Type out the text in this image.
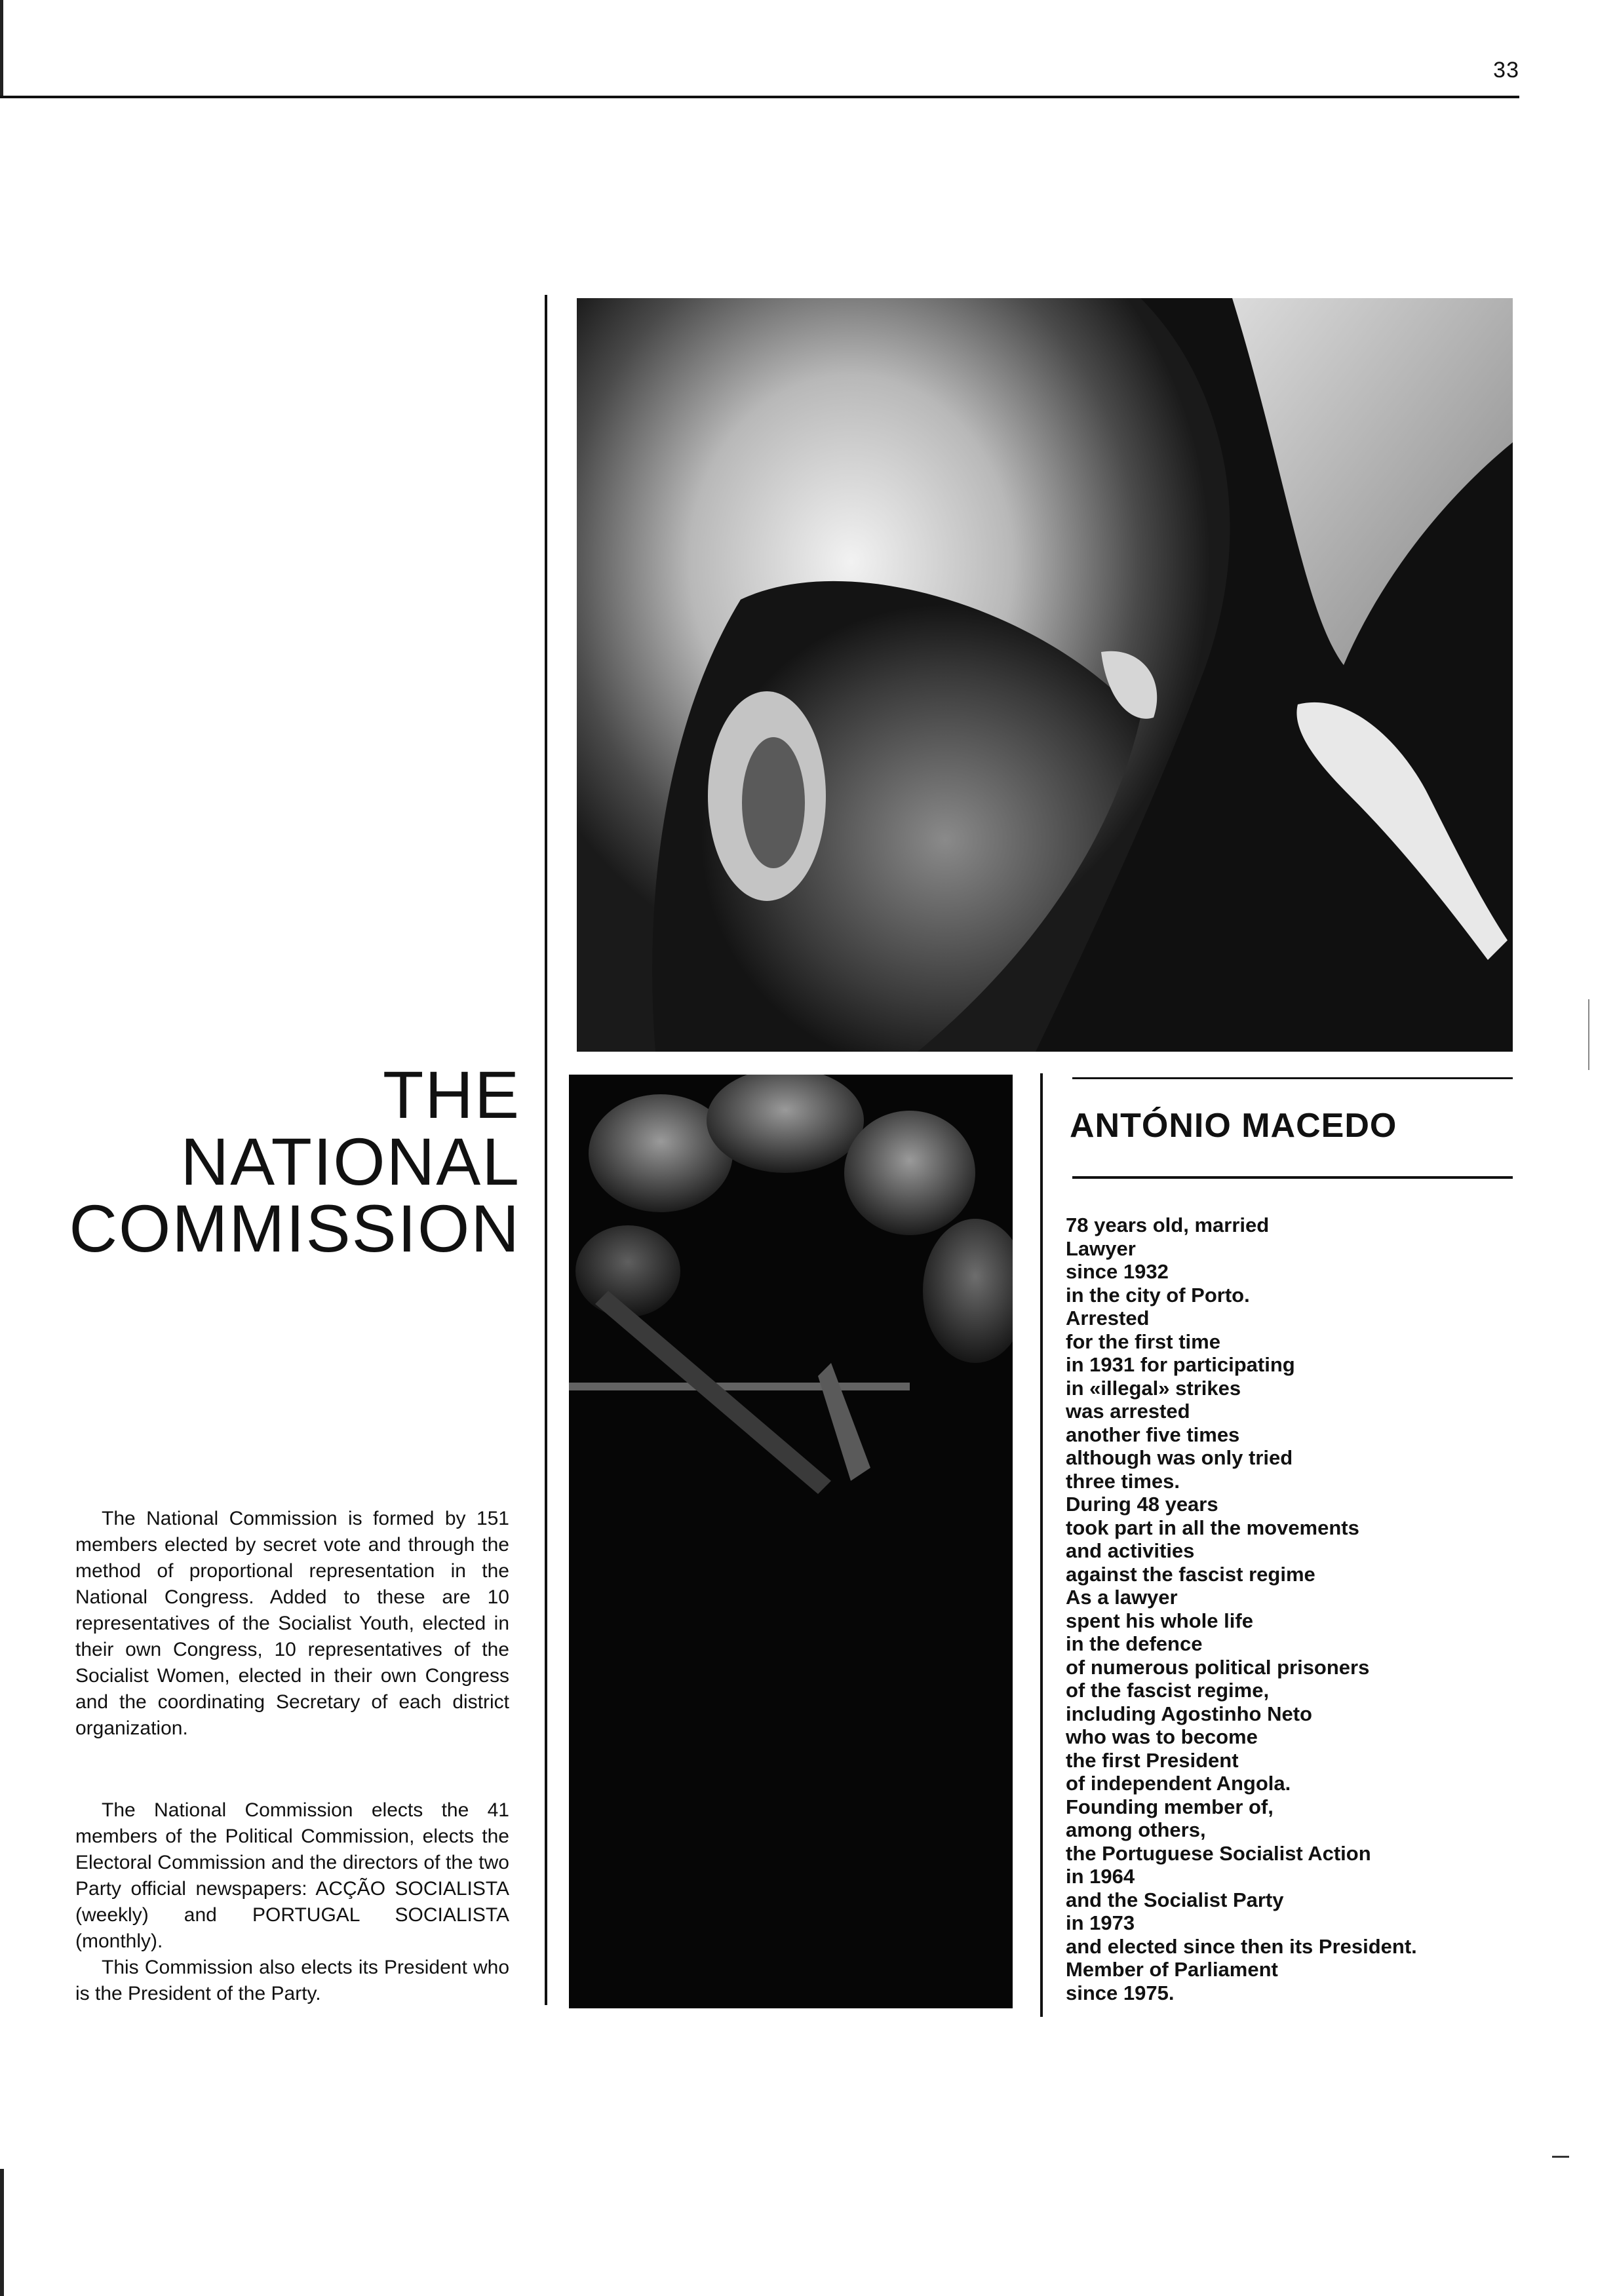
33
THE
NATIONAL
COMMISSION
The National Commission is formed by 151 members elected by secret vote and through the method of proportional representation in the National Congress. Added to these are 10 representatives of the Socialist Youth, elected in their own Congress, 10 representatives of the Socialist Women, elected in their own Congress and the coordinating Secretary of each district organization.
The National Commission elects the 41 members of the Political Commission, elects the Electoral Commission and the directors of the two Party official newspapers: ACÇÃO SOCIALISTA (weekly) and PORTUGAL SOCIALISTA (monthly).
This Commission also elects its President who is the President of the Party.
ANTÓNIO MACEDO
78 years old, married
Lawyer
since 1932
in the city of Porto.
Arrested
for the first time
in 1931 for participating
in «illegal» strikes
was arrested
another five times
although was only tried
three times.
During 48 years
took part in all the movements
and activities
against the fascist regime
As a lawyer
spent his whole life
in the defence
of numerous political prisoners
of the fascist regime,
including Agostinho Neto
who was to become
the first President
of independent Angola.
Founding member of,
among others,
the Portuguese Socialist Action
in 1964
and the Socialist Party
in 1973
and elected since then its President.
Member of Parliament
since 1975.
